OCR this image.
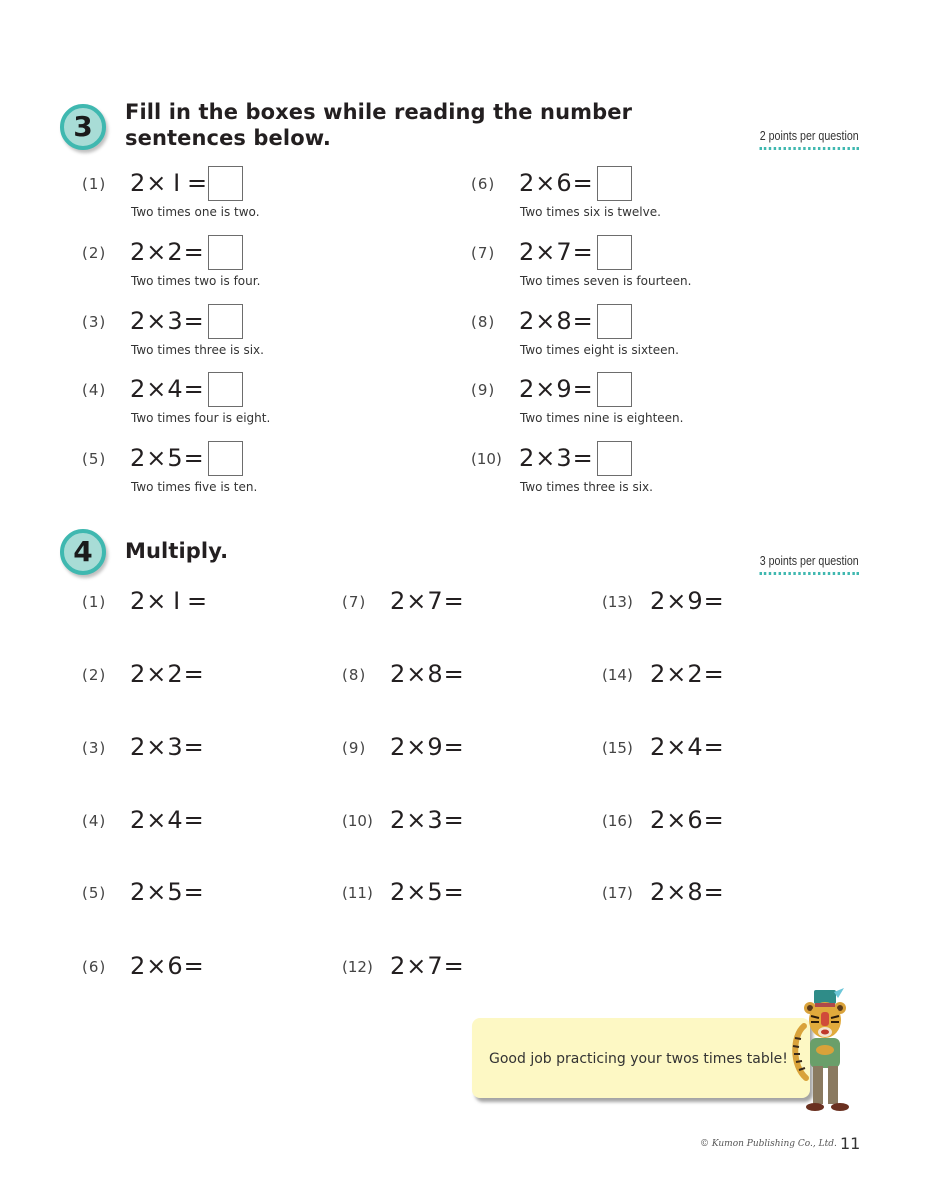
3 Fill in the boxes while reading the number
sentences below.	2 points per question
(1) 2× I =
Two times one is two.
(2) 2×2=
Two times two is four.
(3) 2×3=
Two times three is six.
(4) 2×4=
Two times four is eight.
(5) 2×5=
Two times five is ten.
(6) 2×6=
Two times six is twelve.
(7) 2×7=
Two times seven is fourteen.
(8) 2×8=
Two times eight is sixteen.
(9) 2×9=
Two times nine is eighteen.
(10) 2×3=
Two times three is six.
4 Multiply.	3 points per question
(1) 2× I =
(2) 2×2=
(3) 2×3=
(4) 2×4=
(5) 2×5=
(6) 2×6=
(7) 2×7=
(8) 2×8=
(9) 2×9=
(10) 2×3=
(11) 2×5=
(12) 2×7=
(13) 2×9=
(14) 2×2=
(15) 2×4=
(16) 2×6=
(17) 2×8=
Good job practicing your twos times table!
© Kumon Publishing Co., Ltd. 11
